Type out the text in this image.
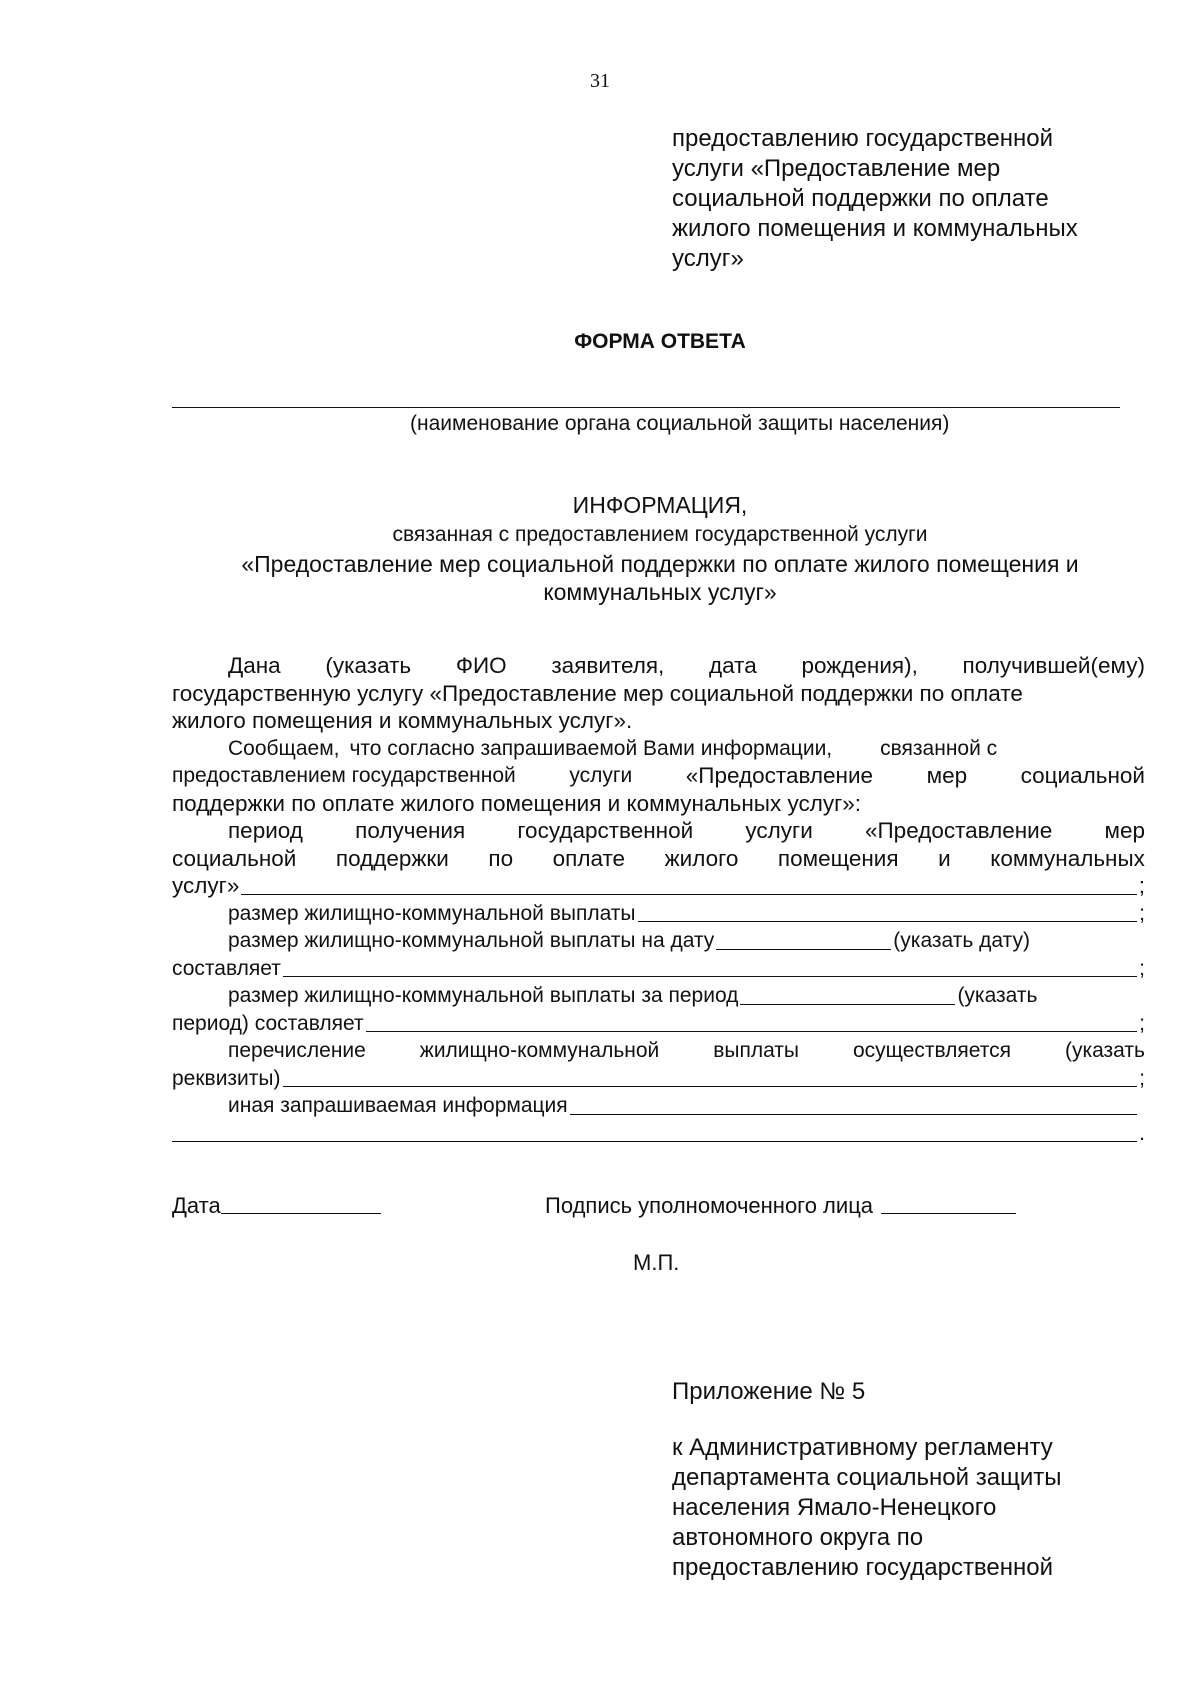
31
предоставлению государственной
услуги «Предоставление мер
социальной поддержки по оплате
жилого помещения и коммунальных
услуг»
ФОРМА ОТВЕТА
(наименование органа социальной защиты населения)
ИНФОРМАЦИЯ,
связанная с предоставлением государственной услуги
«Предоставление мер социальной поддержки по оплате жилого помещения и
коммунальных услуг»
Дана (указать ФИО заявителя, дата рождения), получившей(ему)
государственную услугу «Предоставление мер социальной поддержки по оплате
жилого помещения и коммунальных услуг».
Сообщаем, что согласно запрашиваемой Вами информации, связанной с
предоставлением государственной	услуги «Предоставление мер социальной
поддержки по оплате жилого помещения и коммунальных услуг»:
период получения государственной услуги «Предоставление мер
социальной поддержки по оплате жилого помещения и коммунальных
услуг»	;
размер жилищно-коммунальной выплаты	;
размер жилищно-коммунальной выплаты на дату	(указать дату)
составляет	;
размер жилищно-коммунальной выплаты за период	(указать
период) составляет	;
перечисление	жилищно-коммунальной	выплаты	осуществляется	(указать
реквизиты)	;
иная запрашиваемая информация
.
Дата	Подпись уполномоченного лица
М.П.
Приложение № 5
к Административному регламенту
департамента социальной защиты
населения Ямало-Ненецкого
автономного округа по
предоставлению государственной
